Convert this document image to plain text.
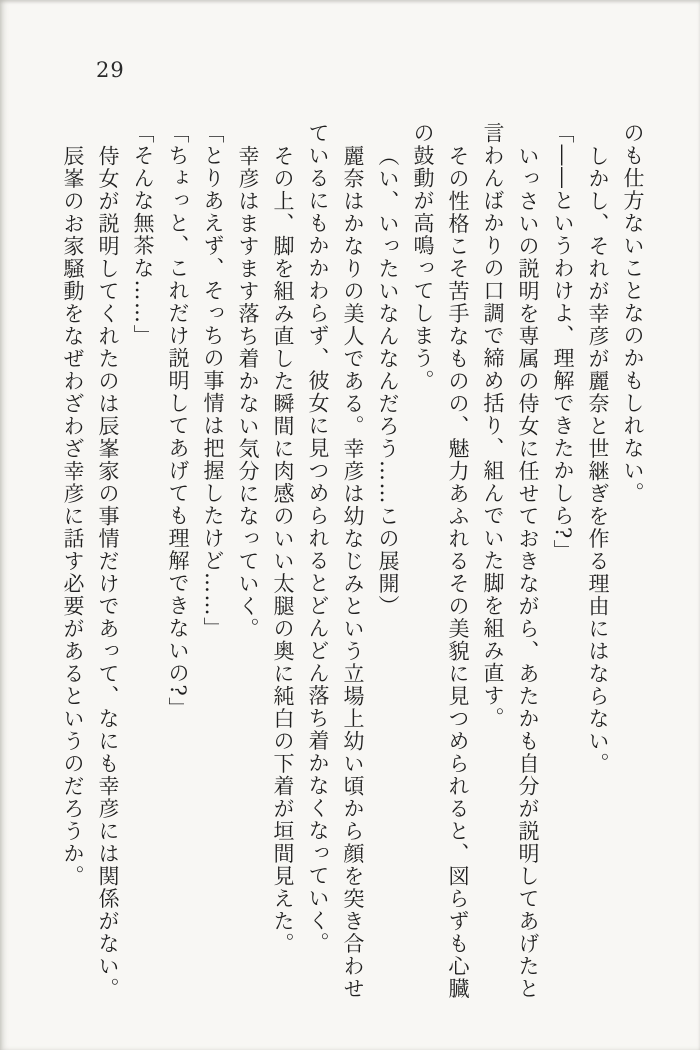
29

のも仕方ないことなのかもしれない。

しかし、それが幸彦が麗奈と世継ぎを作る理由にはならない。

「――というわけよ、理解できたかしら?」

いっさいの説明を専属の侍女に任せておきながら、あたかも自分が説明してあげたと言わんばかりの口調で締め括り、組んでいた脚を組み直す。

その性格こそ苦手なものの、魅力あふれるその美貌に見つめられると、図らずも心臓の鼓動が高鳴ってしまう。

（い、いったいなんなんだろう……この展開）

麗奈はかなりの美人である。幸彦は幼なじみという立場上幼い頃から顔を突き合わせているにもかかわらず、彼女に見つめられるとどんどん落ち着かなくなっていく。

その上、脚を組み直した瞬間に肉感のいい太腿の奥に純白の下着が垣間見えた。

幸彦はますます落ち着かない気分になっていく。

「とりあえず、そっちの事情は把握したけど……」

「ちょっと、これだけ説明してあげても理解できないの?」

「そんな無茶な……」

侍女が説明してくれたのは辰峯家の事情だけであって、なにも幸彦には関係がない。

辰峯のお家騒動をなぜわざわざ幸彦に話す必要があるというのだろうか。
